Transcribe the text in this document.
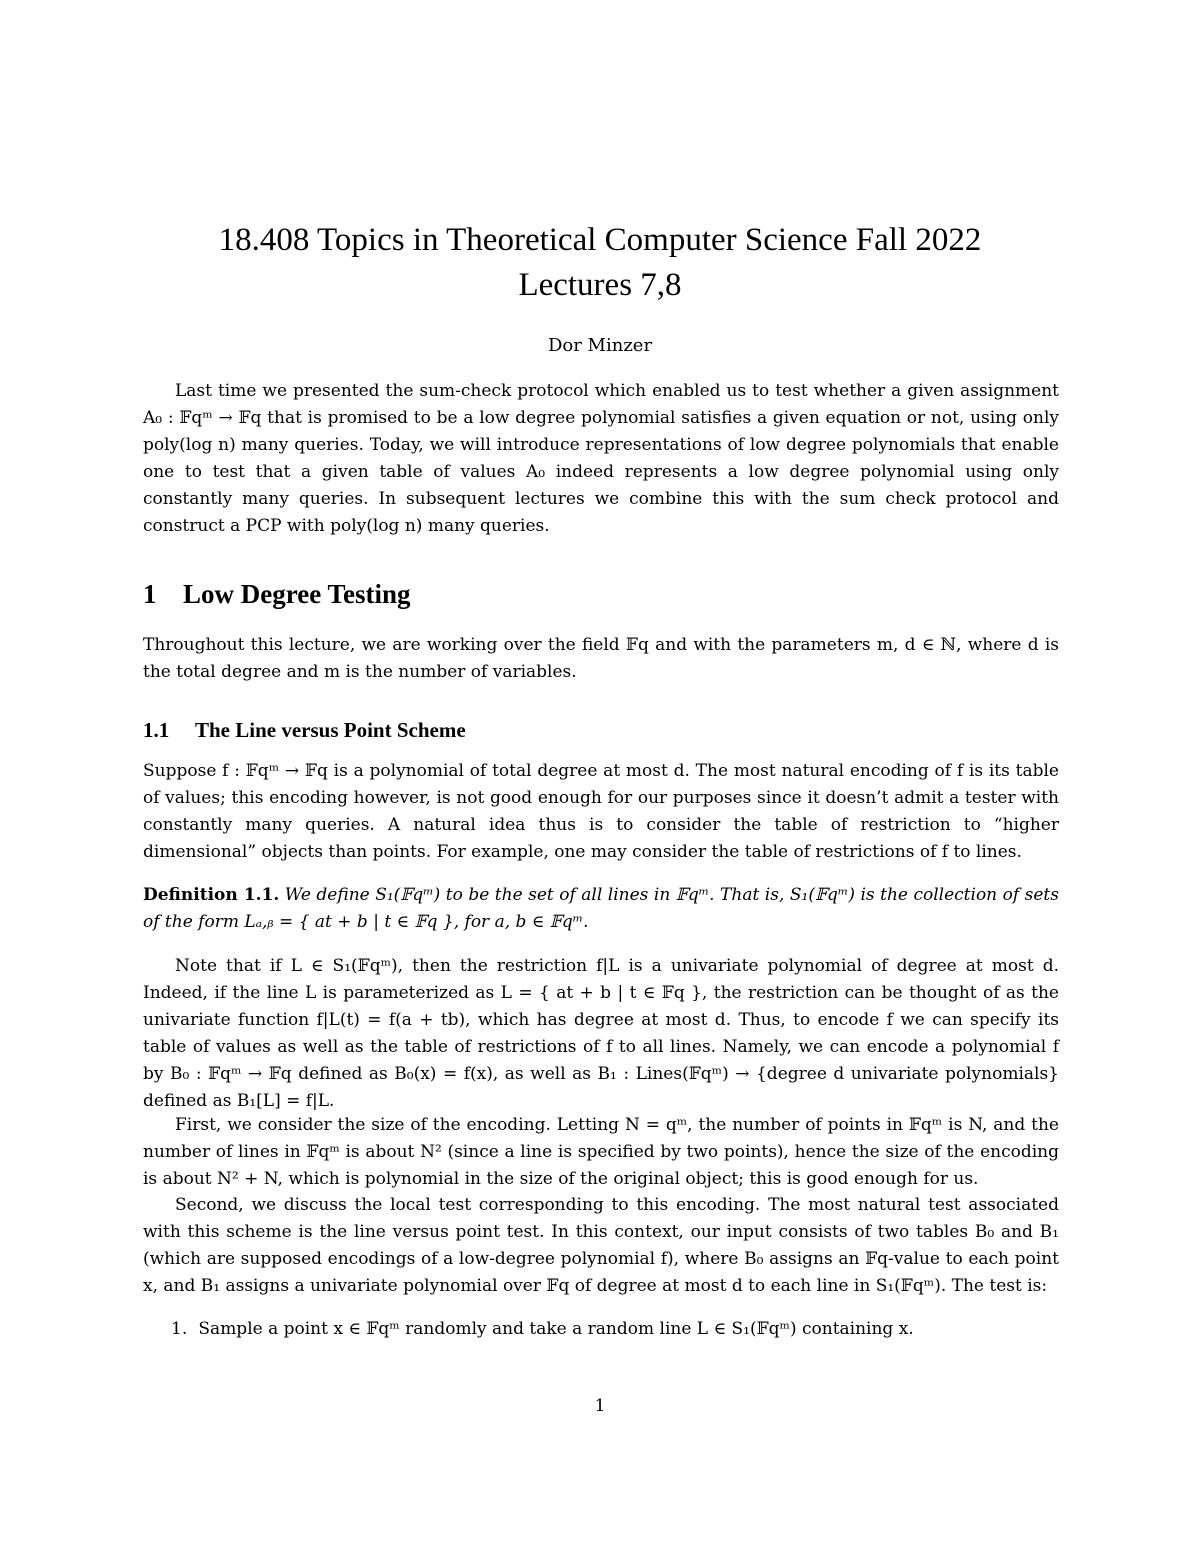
18.408 Topics in Theoretical Computer Science Fall 2022
Lectures 7,8
Dor Minzer

Last time we presented the sum-check protocol which enabled us to test whether a given assignment A₀ : 𝔽qᵐ → 𝔽q that is promised to be a low degree polynomial satisfies a given equation or not, using only poly(log n) many queries. Today, we will introduce representations of low degree polynomials that enable one to test that a given table of values A₀ indeed represents a low degree polynomial using only constantly many queries. In subsequent lectures we combine this with the sum check protocol and construct a PCP with poly(log n) many queries.

1 Low Degree Testing

Throughout this lecture, we are working over the field 𝔽q and with the parameters m, d ∈ ℕ, where d is the total degree and m is the number of variables.

1.1 The Line versus Point Scheme

Suppose f : 𝔽qᵐ → 𝔽q is a polynomial of total degree at most d. The most natural encoding of f is its table of values; this encoding however, is not good enough for our purposes since it doesn’t admit a tester with constantly many queries. A natural idea thus is to consider the table of restriction to “higher dimensional” objects than points. For example, one may consider the table of restrictions of f to lines.

Definition 1.1. We define S₁(𝔽qᵐ) to be the set of all lines in 𝔽qᵐ. That is, S₁(𝔽qᵐ) is the collection of sets of the form Lₐ,ᵦ = { at + b | t ∈ 𝔽q }, for a, b ∈ 𝔽qᵐ.

Note that if L ∈ S₁(𝔽qᵐ), then the restriction f|L is a univariate polynomial of degree at most d. Indeed, if the line L is parameterized as L = { at + b | t ∈ 𝔽q }, the restriction can be thought of as the univariate function f|L(t) = f(a + tb), which has degree at most d. Thus, to encode f we can specify its table of values as well as the table of restrictions of f to all lines. Namely, we can encode a polynomial f by B₀ : 𝔽qᵐ → 𝔽q defined as B₀(x) = f(x), as well as B₁ : Lines(𝔽qᵐ) → {degree d univariate polynomials} defined as B₁[L] = f|L.

First, we consider the size of the encoding. Letting N = qᵐ, the number of points in 𝔽qᵐ is N, and the number of lines in 𝔽qᵐ is about N² (since a line is specified by two points), hence the size of the encoding is about N² + N, which is polynomial in the size of the original object; this is good enough for us.

Second, we discuss the local test corresponding to this encoding. The most natural test associated with this scheme is the line versus point test. In this context, our input consists of two tables B₀ and B₁ (which are supposed encodings of a low-degree polynomial f), where B₀ assigns an 𝔽q-value to each point x, and B₁ assigns a univariate polynomial over 𝔽q of degree at most d to each line in S₁(𝔽qᵐ). The test is:

1. Sample a point x ∈ 𝔽qᵐ randomly and take a random line L ∈ S₁(𝔽qᵐ) containing x.
1
